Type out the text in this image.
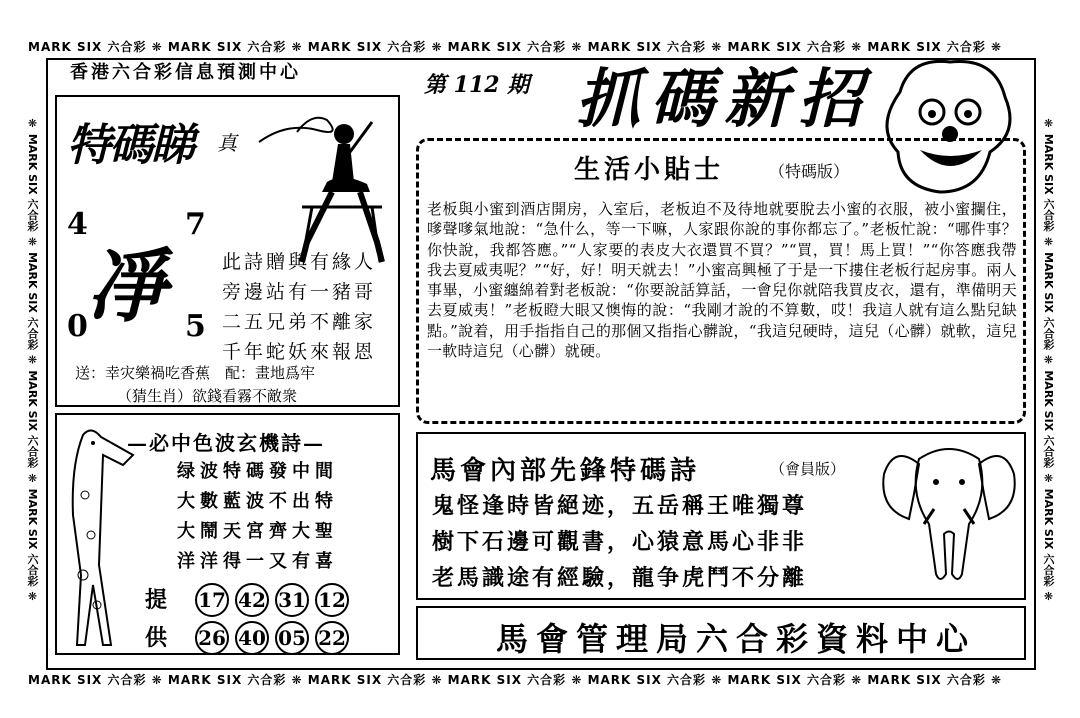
MARK SIX 六合彩 ❋ MARK SIX 六合彩 ❋ MARK SIX 六合彩 ❋ MARK SIX 六合彩 ❋ MARK SIX 六合彩 ❋ MARK SIX 六合彩 ❋ MARK SIX 六合彩 ❋
MARK SIX 六合彩 ❋ MARK SIX 六合彩 ❋ MARK SIX 六合彩 ❋ MARK SIX 六合彩 ❋ MARK SIX 六合彩 ❋ MARK SIX 六合彩 ❋ MARK SIX 六合彩 ❋
❋ MARK SIX 六合彩 ❋ MARK SIX 六合彩 ❋ MARK SIX 六合彩 ❋ MARK SIX 六合彩 ❋	❋ MARK SIX 六合彩 ❋ MARK SIX 六合彩 ❋ MARK SIX 六合彩 ❋ MARK SIX 六合彩 ❋
香港六合彩信息預測中心
特碼睇 真
4	7
0	5
凈	此詩贈與有緣人
旁邊站有一豬哥
二五兄弟不離家
千年蛇妖來報恩
送：幸灾樂禍吃香蕉　配：畫地爲牢
（猜生肖）欲錢看霧不敵衆
—必中色波玄機詩—
绿波特碼發中間
大數藍波不出特
大鬧天宮齊大聖
洋洋得一又有喜
提
供
17 42 31 12
26 40 05 22
第 112 期 抓碼新招
生活小貼士	（特碼版）
老板與小蜜到酒店開房，入室后，老板迫不及待地就要脫去小蜜的衣服，被小蜜攔住，嗲聲嗲氣地說：“急什么，等一下嘛，人家跟你說的事你都忘了。”老板忙說：“哪件事？你快說，我都答應。”“人家要的表皮大衣還買不買？”“買，買！馬上買！”“你答應我帶我去夏威夷呢？”“好，好！明天就去！”小蜜高興極了于是一下摟住老板行起房事。兩人事畢，小蜜纏綿着對老板說：“你要說話算話，一會兒你就陪我買皮衣，還有，準備明天去夏威夷！”老板瞪大眼又懊悔的說：“我剛才說的不算數，哎！我這人就有這么點兒缺點。”說着，用手指指自己的那個又指指心髒說，“我這兒硬時，這兒（心髒）就軟，這兒一軟時這兒（心髒）就硬。
馬會內部先鋒特碼詩	（會員版）
鬼怪逢時皆絕迹，五岳稱王唯獨尊
樹下石邊可觀書，心猿意馬心非非
老馬識途有經驗，龍争虎鬥不分離
馬會管理局六合彩資料中心
